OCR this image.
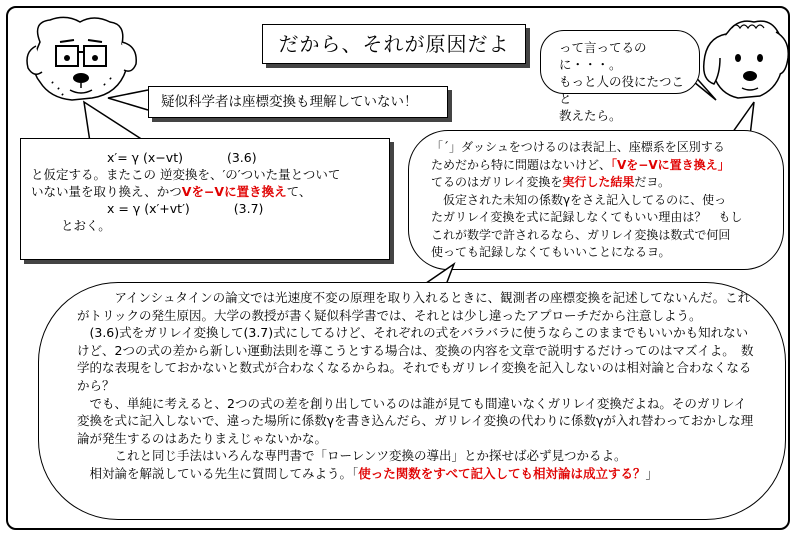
だから、それが原因だよ
疑似科学者は座標変換も理解していない！
x′= γ (x−vt)	(3.6)
と仮定する。またこの 逆変換を、′の′ついた量とついて
いない量を取り換え、かつVを−Vに置き換えて、
x = γ (x′+vt′)	(3.7)
とおく。
って言ってるのに・・・。
もっと人の役にたつこと
教えたら。

「´」ダッシュをつけるのは表記上、座標系を区別する

ためだから特に問題はないけど、「Vを−Vに置き換え」

てるのはガリレイ変換を実行した結果だヨ。

仮定された未知の係数γをさえ記入してるのに、使っ

たガリレイ変換を式に記録しなくてもいい理由は？　もし

これが数学で許されるなら、ガリレイ変換は数式で何回

使っても記録しなくてもいいことになるヨ。

アインシュタインの論文では光速度不変の原理を取り入れるときに、観測者の座標変換を記述してないんだ。これがトリックの発生原因。大学の教授が書く疑似科学書では、それとは少し違ったアプローチだから注意しよう。

(3.6)式をガリレイ変換して(3.7)式にしてるけど、それぞれの式をバラバラに使うならこのままでもいいかも知れないけど、2つの式の差から新しい運動法則を導こうとする場合は、変換の内容を文章で説明するだけってのはマズイよ。　数学的な表現をしておかないと数式が合わなくなるからね。それでもガリレイ変換を記入しないのは相対論と合わなくなるから？

でも、単純に考えると、2つの式の差を創り出しているのは誰が見ても間違いなくガリレイ変換だよね。そのガリレイ変換を式に記入しないで、違った場所に係数γを書き込んだら、ガリレイ変換の代わりに係数γが入れ替わっておかしな理論が発生するのはあたりまえじゃないかな。

これと同じ手法はいろんな専門書で「ローレンツ変換の導出」とか探せば必ず見つかるよ。

相対論を解説している先生に質問してみよう。「使った関数をすべて記入しても相対論は成立する？」
